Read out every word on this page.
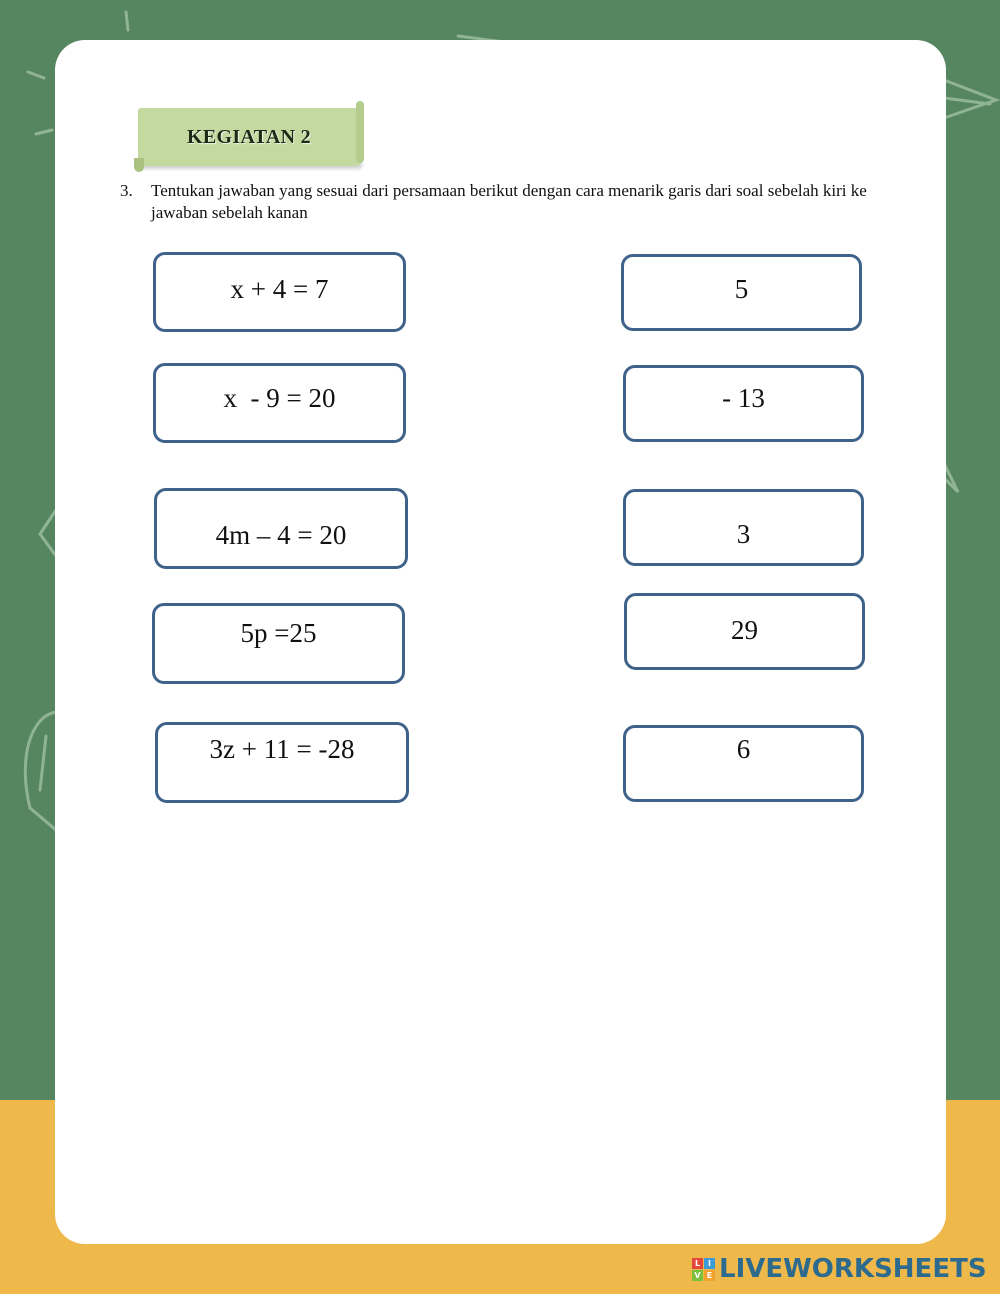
KEGIATAN 2
3. Tentukan jawaban yang sesuai dari persamaan berikut dengan cara menarik garis dari soal sebelah kiri ke jawaban sebelah kanan
x + 4 = 7
x  - 9 = 20
4m – 4 = 20
5p =25
3z + 11 = -28
5
- 13
3
29
6
L I
V E LIVEWORKSHEETS
